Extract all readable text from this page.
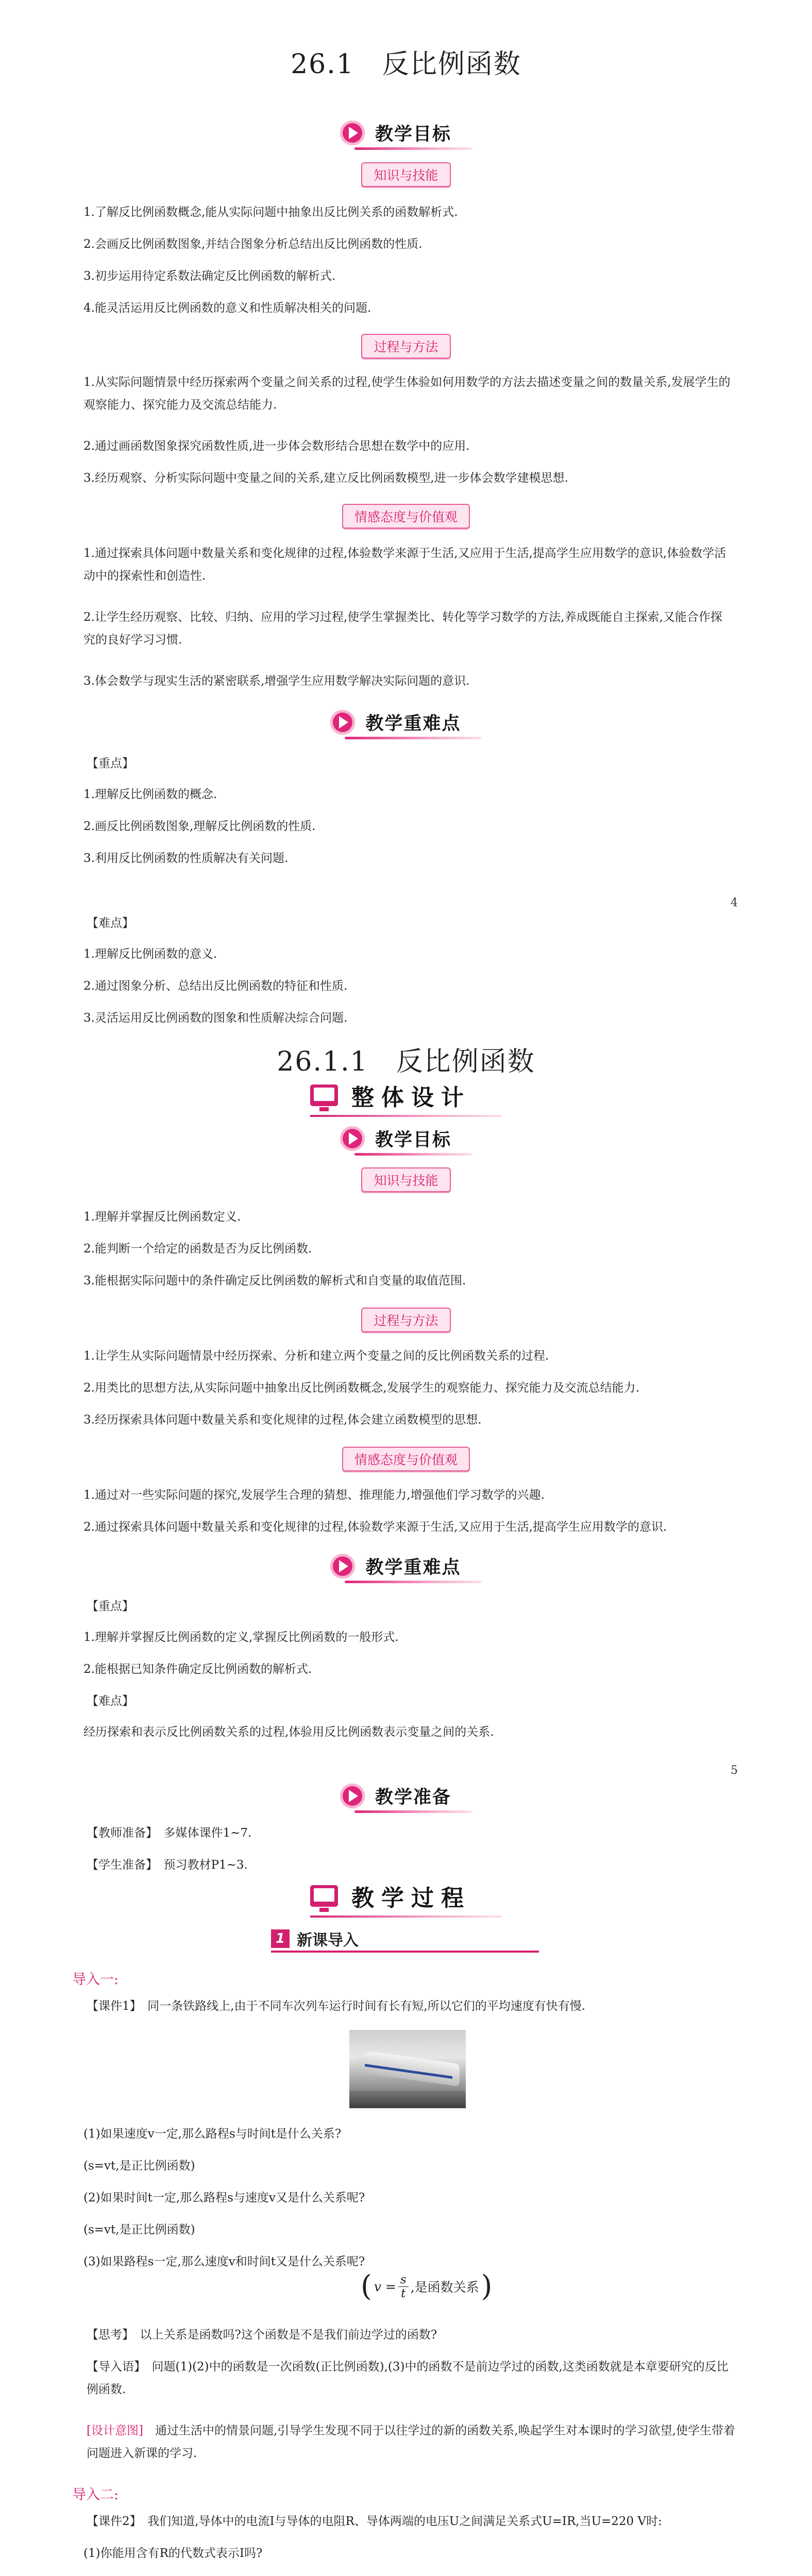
26.1　反比例函数
教学目标
知识与技能

1.了解反比例函数概念,能从实际问题中抽象出反比例关系的函数解析式.

2.会画反比例函数图象,并结合图象分析总结出反比例函数的性质.

3.初步运用待定系数法确定反比例函数的解析式.

4.能灵活运用反比例函数的意义和性质解决相关的问题.

过程与方法

1.从实际问题情景中经历探索两个变量之间关系的过程,使学生体验如何用数学的方法去描述变量之间的数量关系,发展学生的观察能力、探究能力及交流总结能力.

2.通过画函数图象探究函数性质,进一步体会数形结合思想在数学中的应用.

3.经历观察、分析实际问题中变量之间的关系,建立反比例函数模型,进一步体会数学建模思想.

情感态度与价值观

1.通过探索具体问题中数量关系和变化规律的过程,体验数学来源于生活,又应用于生活,提高学生应用数学的意识,体验数学活动中的探索性和创造性.

2.让学生经历观察、比较、归纳、应用的学习过程,使学生掌握类比、转化等学习数学的方法,养成既能自主探索,又能合作探究的良好学习习惯.

3.体会数学与现实生活的紧密联系,增强学生应用数学解决实际问题的意识.

教学重难点

【重点】

1.理解反比例函数的概念.

2.画反比例函数图象,理解反比例函数的性质.

3.利用反比例函数的性质解决有关问题.

4

【难点】

1.理解反比例函数的意义.

2.通过图象分析、总结出反比例函数的特征和性质.

3.灵活运用反比例函数的图象和性质解决综合问题.

26.1.1　反比例函数
整体设计
教学目标
知识与技能

1.理解并掌握反比例函数定义.

2.能判断一个给定的函数是否为反比例函数.

3.能根据实际问题中的条件确定反比例函数的解析式和自变量的取值范围.

过程与方法

1.让学生从实际问题情景中经历探索、分析和建立两个变量之间的反比例函数关系的过程.

2.用类比的思想方法,从实际问题中抽象出反比例函数概念,发展学生的观察能力、探究能力及交流总结能力.

3.经历探索具体问题中数量关系和变化规律的过程,体会建立函数模型的思想.

情感态度与价值观

1.通过对一些实际问题的探究,发展学生合理的猜想、推理能力,增强他们学习数学的兴趣.

2.通过探索具体问题中数量关系和变化规律的过程,体验数学来源于生活,又应用于生活,提高学生应用数学的意识.

教学重难点

【重点】

1.理解并掌握反比例函数的定义,掌握反比例函数的一般形式.

2.能根据已知条件确定反比例函数的解析式.

【难点】

经历探索和表示反比例函数关系的过程,体验用反比例函数表示变量之间的关系.

5
教学准备

【教师准备】　多媒体课件1~7.

【学生准备】　预习教材P1~3.

教学过程
1 新课导入
导入一:

【课件1】　同一条铁路线上,由于不同车次列车运行时间有长有短,所以它们的平均速度有快有慢.

(1)如果速度v一定,那么路程s与时间t是什么关系?

(s=vt,是正比例函数)

(2)如果时间t一定,那么路程s与速度v又是什么关系呢?

(s=vt,是正比例函数)

(3)如果路程s一定,那么速度v和时间t又是什么关系呢?

( $v = \frac{s}{t}$ ,是函数关系 )

【思考】　以上关系是函数吗?这个函数是不是我们前边学过的函数?

【导入语】　问题(1)(2)中的函数是一次函数(正比例函数),(3)中的函数不是前边学过的函数,这类函数就是本章要研究的反比例函数.

[设计意图]　 通过生活中的情景问题,引导学生发现不同于以往学过的新的函数关系,唤起学生对本课时的学习欲望,使学生带着问题进入新课的学习.

导入二:

【课件2】　我们知道,导体中的电流I与导体的电阻R、导体两端的电压U之间满足关系式U=IR,当U=220 V时:

(1)你能用含有R的代数式表示I吗?
